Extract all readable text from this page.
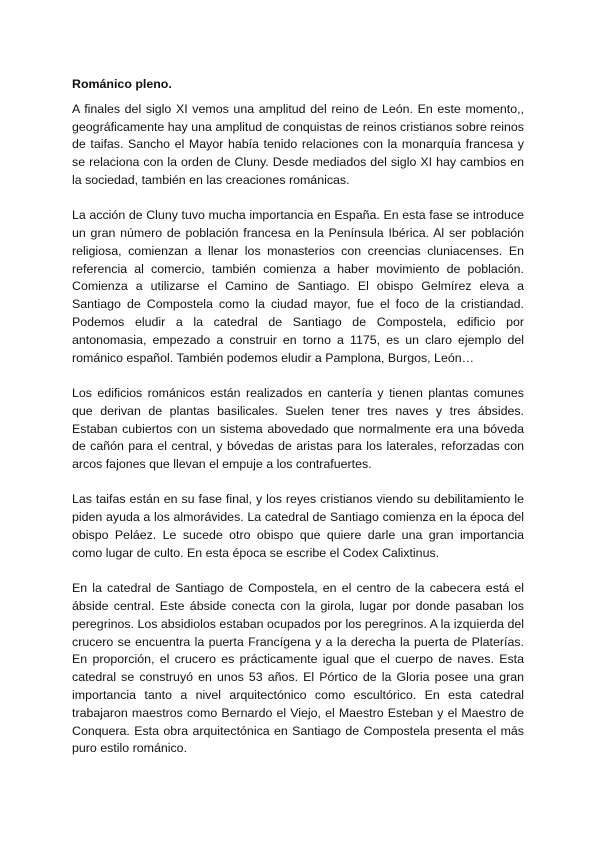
Románico pleno.

A finales del siglo XI vemos una amplitud del reino de León. En este momento,, geográficamente hay una amplitud de conquistas de reinos cristianos sobre reinos de taifas. Sancho el Mayor había tenido relaciones con la monarquía francesa y se relaciona con la orden de Cluny. Desde mediados del siglo XI hay cambios en la sociedad, también en las creaciones románicas.

La acción de Cluny tuvo mucha importancia en España. En esta fase se introduce un gran número de población francesa en la Península Ibérica. Al ser población religiosa, comienzan a llenar los monasterios con creencias cluniacenses. En referencia al comercio, también comienza a haber movimiento de población. Comienza a utilizarse el Camino de Santiago. El obispo Gelmírez eleva a Santiago de Compostela como la ciudad mayor, fue el foco de la cristiandad. Podemos eludir a la catedral de Santiago de Compostela, edificio por antonomasia, empezado a construir en torno a 1175, es un claro ejemplo del románico español. También podemos eludir a Pamplona, Burgos, León…

Los edificios románicos están realizados en cantería y tienen plantas comunes que derivan de plantas basilicales. Suelen tener tres naves y tres ábsides. Estaban cubiertos con un sistema abovedado que normalmente era una bóveda de cañón para el central, y bóvedas de aristas para los laterales, reforzadas con arcos fajones que llevan el empuje a los contrafuertes.

Las taifas están en su fase final, y los reyes cristianos viendo su debilitamiento le piden ayuda a los almorávides. La catedral de Santiago comienza en la época del obispo Peláez. Le sucede otro obispo que quiere darle una gran importancia como lugar de culto. En esta época se escribe el Codex Calixtinus.

En la catedral de Santiago de Compostela, en el centro de la cabecera está el ábside central. Este ábside conecta con la girola, lugar por donde pasaban los peregrinos. Los absidiolos estaban ocupados por los peregrinos. A la izquierda del crucero se encuentra la puerta Francígena y a la derecha la puerta de Platerías. En proporción, el crucero es prácticamente igual que el cuerpo de naves. Esta catedral se construyó en unos 53 años. El Pórtico de la Gloria posee una gran importancia tanto a nivel arquitectónico como escultórico. En esta catedral trabajaron maestros como Bernardo el Viejo, el Maestro Esteban y el Maestro de Conquera. Esta obra arquitectónica en Santiago de Compostela presenta el más puro estilo románico.
